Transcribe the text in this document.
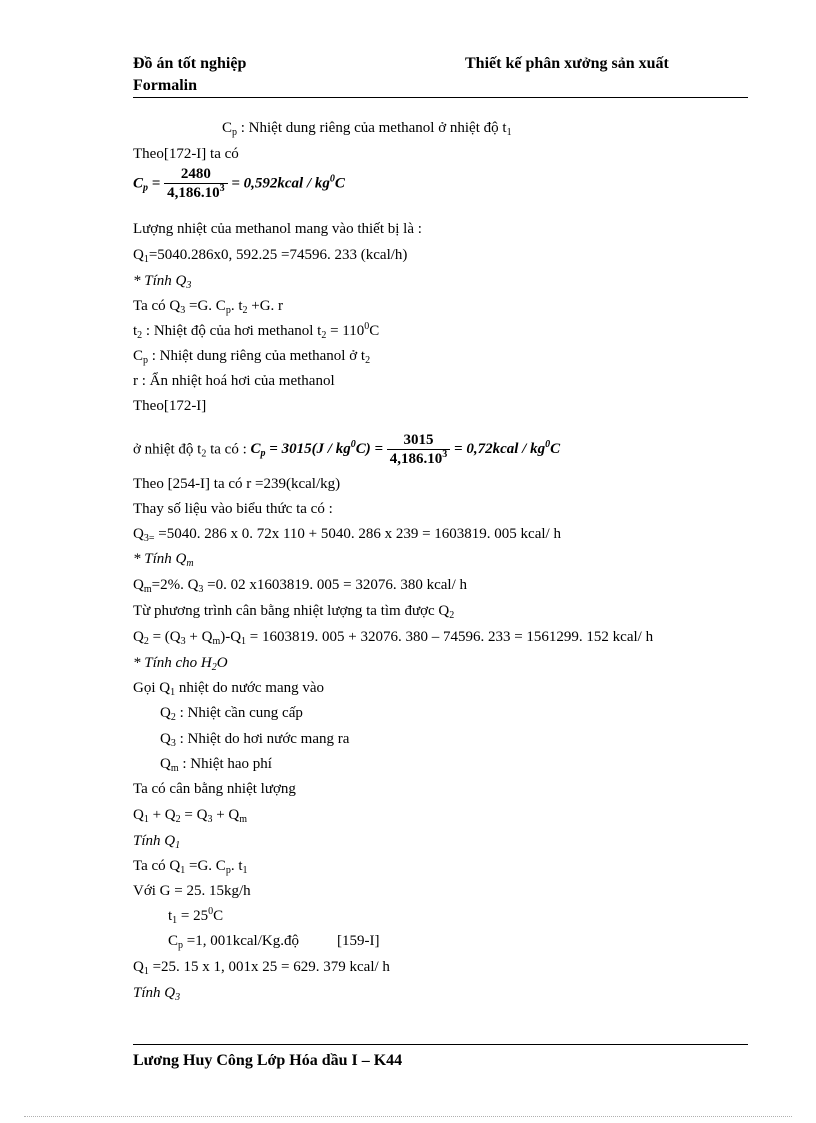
Đồ án tốt nghiệp
Formalin
Thiết kế phân xưởng sản xuất
$C_p$ : Nhiệt dung riêng của methanol ở nhiệt độ $t_1$
Theo[172-I] ta có
$C_p = \frac{2480}{4,186.10^3}$ = 0,592kcal / $kg^0C$
Lượng nhiệt của methanol mang vào thiết bị là :
$Q_1=5040.286x0$, 592.25 =74596. 233 (kcal/h)
* Tính $Q_3$
Ta có $Q_3 =G$. $C_p$. $t_2 +G$. r
$t_2$ : Nhiệt độ của hơi methanol $t_2 = 110^0C$
$C_p$ : Nhiệt dung riêng của methanol ở $t_2$
r : Ẩn nhiệt hoá hơi của methanol
Theo[172-I]
ở nhiệt độ $t_2$ ta có : $C_p = 3015(J / kg^0C) = \frac{3015}{4,186.10^3}$ = 0,72kcal / $kg^0C$
Theo [254-I] ta có r =239(kcal/kg)
Thay số liệu vào biểu thức ta có :
$Q_{3=} =5040$. 286 x 0. 72x 110 + 5040. 286 x 239 = 1603819. 005 kcal/ h
* Tính $Q_m$
$Q_m=2\%$. $Q_3 =0$. 02 x1603819. 005 = 32076. 380 kcal/ h
Từ phương trình cân bằng nhiệt lượng ta tìm được $Q_2$
$Q_2 = (Q_3 + Q_m)-Q_1 = 1603819$. 005 + 32076. 380 – 74596. 233 = 1561299. 152 kcal/ h
* Tính cho $H_2O$
Gọi $Q_1$ nhiệt do nước mang vào
$Q_2$ : Nhiệt cần cung cấp
$Q_3$ : Nhiệt do hơi nước mang ra
$Q_m$ : Nhiệt hao phí
Ta có cân bằng nhiệt lượng
$Q_1 + Q_2 = Q_3 + Q_m$
Tính $Q_1$
Ta có $Q_1 =G$. $C_p$. $t_1$
Với G = 25. 15kg/h
$t_1 = 25^0C$
$C_p =1$, 001kcal/Kg.độ	[159-I]
$Q_1 =25$. 15 x 1, 001x 25 = 629. 379 kcal/ h
Tính $Q_3$
Lương Huy Công Lớp Hóa dầu I – K44
